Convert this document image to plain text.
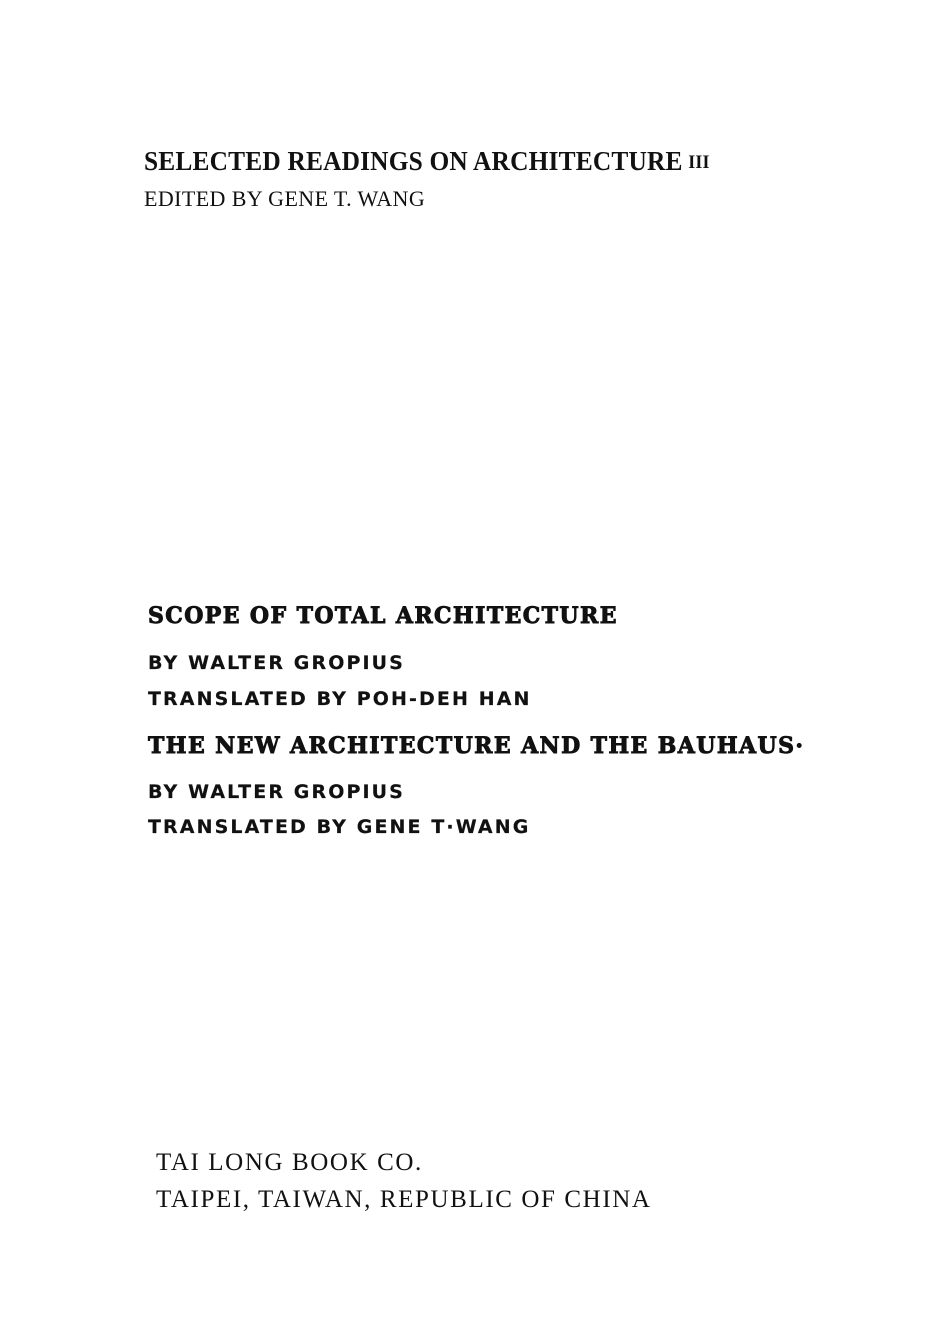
SELECTED READINGS ON ARCHITECTURE III
EDITED BY GENE T. WANG
SCOPE OF TOTAL ARCHITECTURE
BY WALTER GROPIUS
TRANSLATED BY POH-DEH HAN
THE NEW ARCHITECTURE AND THE BAUHAUS·
BY WALTER GROPIUS
TRANSLATED BY GENE T·WANG
TAI LONG BOOK CO.
TAIPEI, TAIWAN, REPUBLIC OF CHINA
